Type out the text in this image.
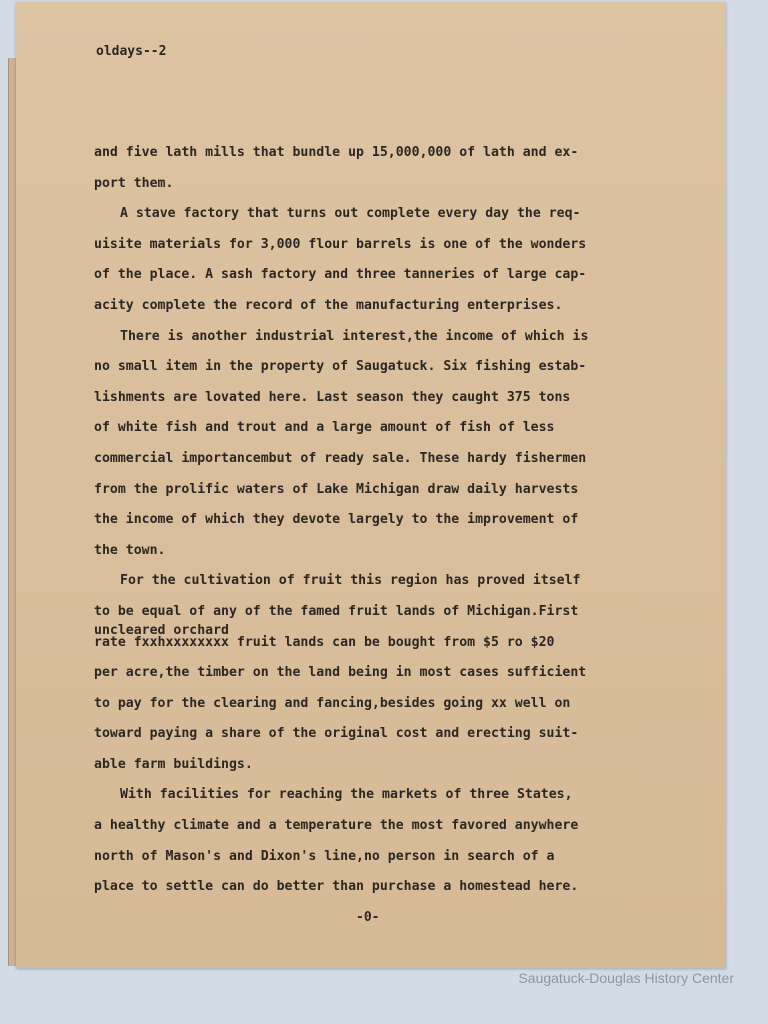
oldays--2
and five lath mills that bundle up 15,000,000 of lath and ex-
port them.
A stave factory that turns out complete every day the req-
uisite materials for 3,000 flour barrels is one of the wonders
of the place. A sash factory and three tanneries of large cap-
acity complete the record of the manufacturing enterprises.
There is another industrial interest,the income of which is
no small item in the property of Saugatuck. Six fishing estab-
lishments are lovated here. Last season they caught 375 tons
of white fish and trout and a large amount of fish of less
commercial importancembut of ready sale. These hardy fishermen
from the prolific waters of Lake Michigan draw daily harvests
the income of which they devote largely to the improvement of
the town.
For the cultivation of fruit this region has proved itself
to be equal of any of the famed fruit lands of Michigan.First
rate fxxhxxxxxxxx fruit lands can be bought from $5 ro $20
per acre,the timber on the land being in most cases sufficient
to pay for the clearing and fancing,besides going xx well on
toward paying a share of the original cost and erecting suit-
able farm buildings.
With facilities for reaching the markets of three States,
a healthy climate and a temperature the most favored anywhere
north of Mason's and Dixon's line,no person in search of a
place to settle can do better than purchase a homestead here.
uncleared orchard
-0-
Saugatuck-Douglas History Center
